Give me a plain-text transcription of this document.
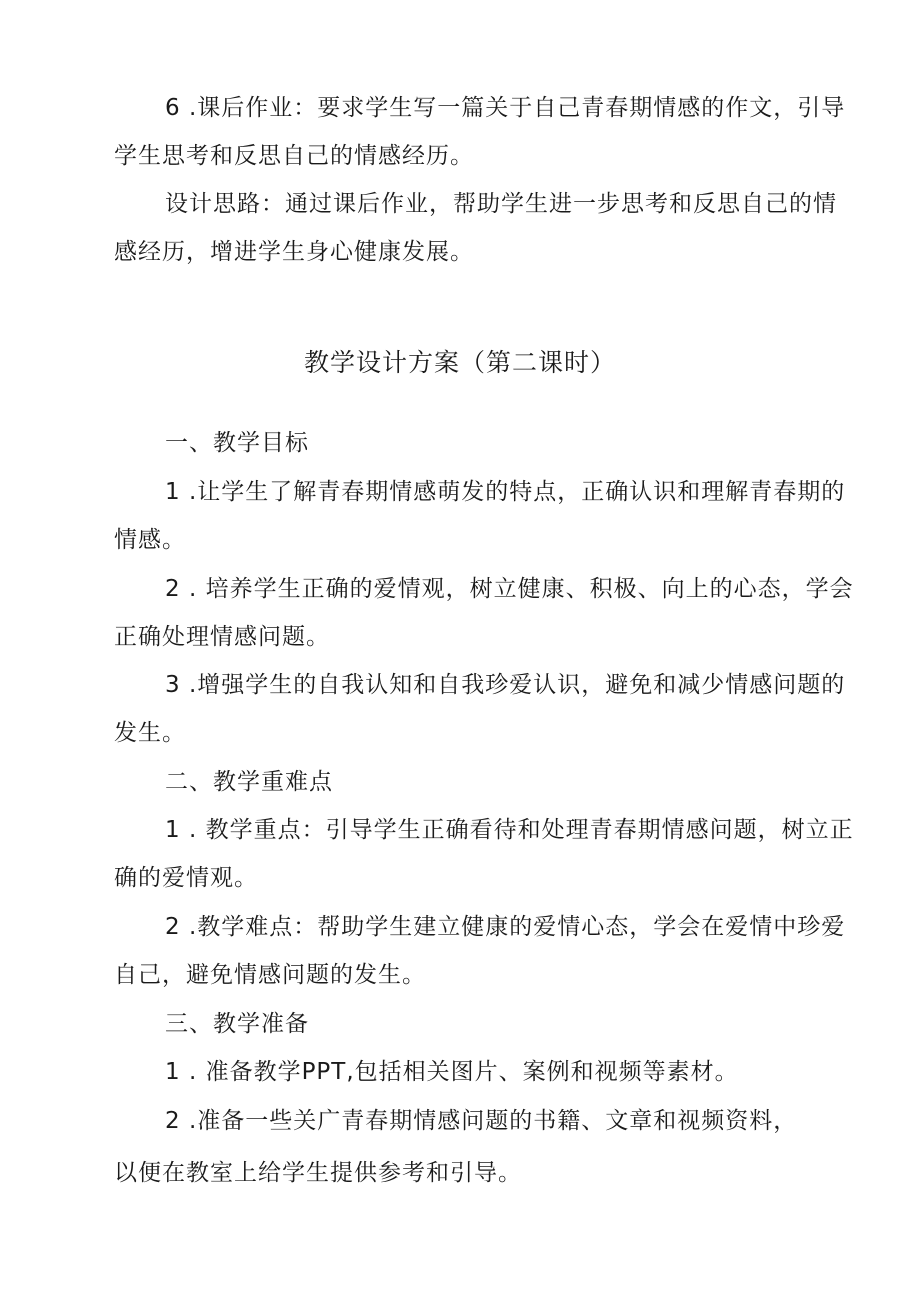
6 .课后作业：要求学生写一篇关于自己青春期情感的作文，引导
学生思考和反思自己的情感经历。
设计思路：通过课后作业，帮助学生进一步思考和反思自己的情
感经历，增进学生身心健康发展。
教学设计方案（第二课时）
一、教学目标
1 .让学生了解青春期情感萌发的特点，正确认识和理解青春期的
情感。
2 . 培养学生正确的爱情观，树立健康、积极、向上的心态，学会
正确处理情感问题。
3 .增强学生的自我认知和自我珍爱认识，避免和减少情感问题的
发生。
二、教学重难点
1 . 教学重点：引导学生正确看待和处理青春期情感问题，树立正
确的爱情观。
2 .教学难点：帮助学生建立健康的爱情心态，学会在爱情中珍爱
自己，避免情感问题的发生。
三、教学准备
1 . 准备教学PPT,包括相关图片、案例和视频等素材。
2 .准备一些关广青春期情感问题的书籍、文章和视频资料，
以便在教室上给学生提供参考和引导。
